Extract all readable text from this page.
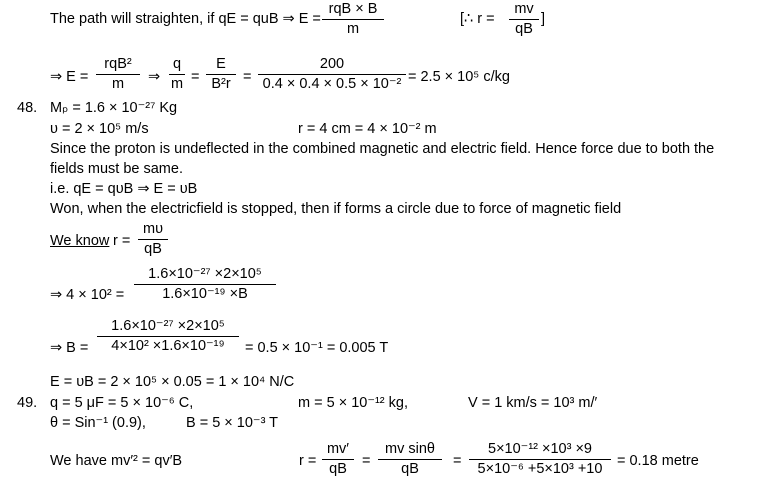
The path will straighten, if qE = quB ⇒ E =
rqB × B
m
[∴ r =
mv
qB
]
⇒ E =
rqB²
m	⇒
q
m =
E
B²r =
200
0.4 × 0.4 × 0.5 × 10⁻² = 2.5 × 10⁵ c/kg
48. Mₚ = 1.6 × 10⁻²⁷ Kg
υ = 2 × 10⁵ m/s	r = 4 cm = 4 × 10⁻² m
Since the proton is undeflected in the combined magnetic and electric field. Hence force due to both the
fields must be same.
i.e. qE = qυB ⇒ E = υB
Won, when the electricfield is stopped, then if forms a circle due to force of magnetic field
We know r =
mυ
qB
⇒ 4 × 10² =
1.6×10⁻²⁷ ×2×10⁵
1.6×10⁻¹⁹ ×B
⇒ B =
1.6×10⁻²⁷ ×2×10⁵
4×10² ×1.6×10⁻¹⁹	= 0.5 × 10⁻¹ = 0.005 T
E = υB = 2 × 10⁵ × 0.05 = 1 × 10⁴ N/C
49. q = 5 μF = 5 × 10⁻⁶ C,	m = 5 × 10⁻¹² kg,	V = 1 km/s = 10³ m/′
θ = Sin⁻¹ (0.9),	B = 5 × 10⁻³ T
We have mv′² = qv′B	r =
mv′
qB	=
mv sinθ
qB	=
5×10⁻¹² ×10³ ×9
5×10⁻⁶ +5×10³ +10	= 0.18 metre
